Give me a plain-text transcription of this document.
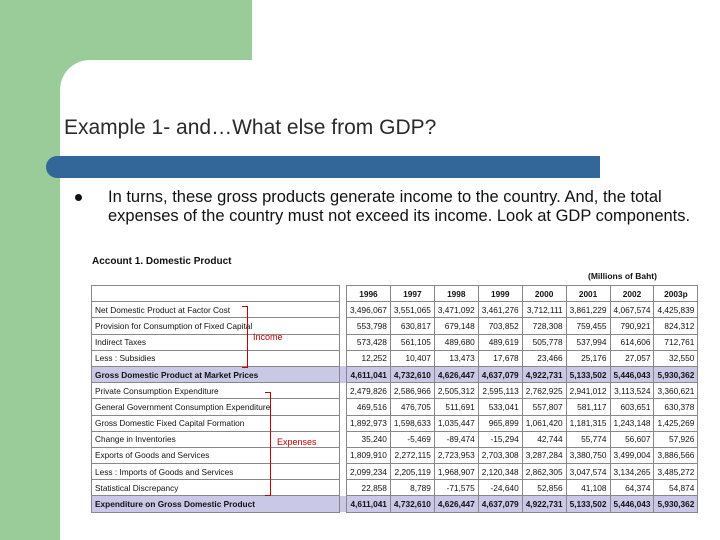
Example 1- and…What else from GDP?
In turns, these gross products generate income to the country. And, the total expenses of the country must not exceed its income. Look at GDP components.
Account 1. Domestic Product
(Millions of Baht)
		1996	1997	1998	1999	2000	2001	2002	2003p
Net Domestic Product at Factor Cost		3,496,067	3,551,065	3,471,092	3,461,276	3,712,111	3,861,229	4,067,574	4,425,839
Provision for Consumption of Fixed Capital		553,798	630,817	679,148	703,852	728,308	759,455	790,921	824,312
Indirect Taxes		573,428	561,105	489,680	489,619	505,778	537,994	614,606	712,761
Less : Subsidies		12,252	10,407	13,473	17,678	23,466	25,176	27,057	32,550
Gross Domestic Product at Market Prices		4,611,041	4,732,610	4,626,447	4,637,079	4,922,731	5,133,502	5,446,043	5,930,362
Private Consumption Expenditure		2,479,826	2,586,966	2,505,312	2,595,113	2,762,925	2,941,012	3,113,524	3,360,621
General Government Consumption Expenditure		469,516	476,705	511,691	533,041	557,807	581,117	603,651	630,378
Gross Domestic Fixed Capital Formation		1,892,973	1,598,633	1,035,447	965,899	1,061,420	1,181,315	1,243,148	1,425,269
Change in Inventories		35,240	-5,469	-89,474	-15,294	42,744	55,774	56,607	57,926
Exports of Goods and Services		1,809,910	2,272,115	2,723,953	2,703,308	3,287,284	3,380,750	3,499,004	3,886,566
Less : Imports of Goods and Services		2,099,234	2,205,119	1,968,907	2,120,348	2,862,305	3,047,574	3,134,265	3,485,272
Statistical Discrepancy		22,858	8,789	-71,575	-24,640	52,856	41,108	64,374	54,874
Expenditure on Gross Domestic Product		4,611,041	4,732,610	4,626,447	4,637,079	4,922,731	5,133,502	5,446,043	5,930,362
Income
Expenses
